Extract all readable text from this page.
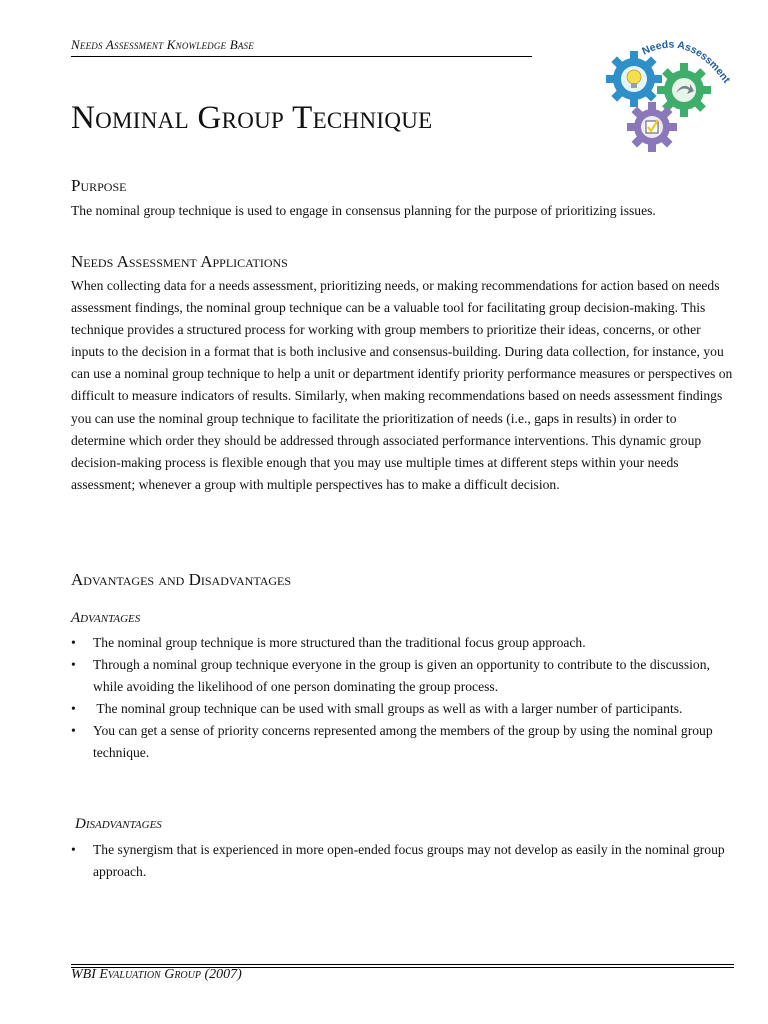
Needs Assessment Knowledge Base
Nominal Group Technique
Needs Assessment
Purpose

The nominal group technique is used to engage in consensus planning for the purpose of prioritizing issues.

Needs Assessment Applications

When collecting data for a needs assessment, prioritizing needs, or making recommendations for action based on needs assessment findings, the nominal group technique can be a valuable tool for facilitating group decision-making. This technique provides a structured process for working with group members to prioritize their ideas, concerns, or other inputs to the decision in a format that is both inclusive and consensus-building. During data collection, for instance, you can use a nominal group technique to help a unit or department identify priority performance measures or perspectives on difficult to measure indicators of results. Similarly, when making recommendations based on needs assessment findings you can use the nominal group technique to facilitate the prioritization of needs (i.e., gaps in results) in order to determine which order they should be addressed through associated performance interventions. This dynamic group decision-making process is flexible enough that you may use multiple times at different steps within your needs assessment; whenever a group with multiple perspectives has to make a difficult decision.

Advantages and Disadvantages
Advantages
•	The nominal group technique is more structured than the traditional focus group approach.
•	Through a nominal group technique everyone in the group is given an opportunity to contribute to the discussion, while avoiding the likelihood of one person dominating the group process.
•	The nominal group technique can be used with small groups as well as with a larger number of participants.
•	You can get a sense of priority concerns represented among the members of the group by using the nominal group technique.
Disadvantages
•	The synergism that is experienced in more open-ended focus groups may not develop as easily in the nominal group approach.
WBI Evaluation Group (2007)
